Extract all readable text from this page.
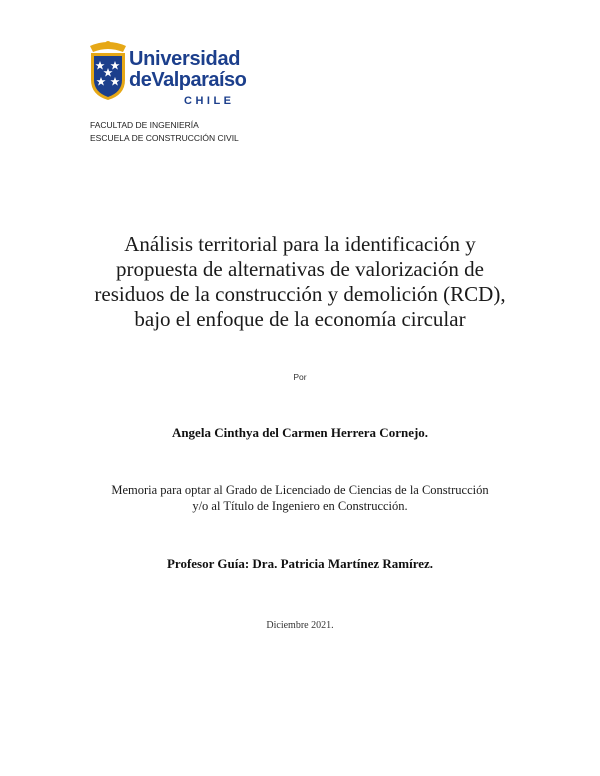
Universidad
deValparaíso
CHILE
FACULTAD DE INGENIERÍA
ESCUELA DE CONSTRUCCIÓN CIVIL
Análisis territorial para la identificación y
propuesta de alternativas de valorización de
residuos de la construcción y demolición (RCD),
bajo el enfoque de la economía circular
Por
Angela Cinthya del Carmen Herrera Cornejo.
Memoria para optar al Grado de Licenciado de Ciencias de la Construcción
y/o al Título de Ingeniero en Construcción.
Profesor Guía: Dra. Patricia Martínez Ramírez.
Diciembre 2021.
